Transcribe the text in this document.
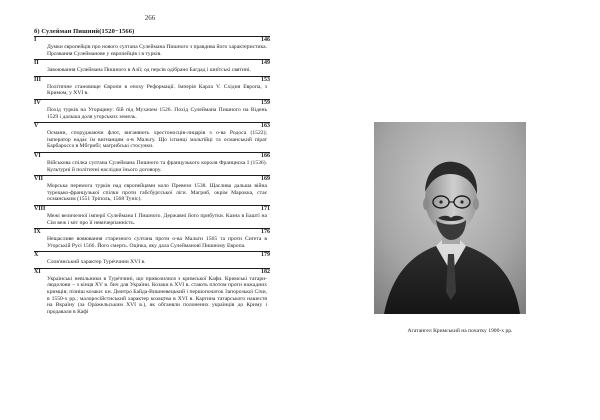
266
б) Сулейман Пишний(1520−1566)
I	146
Думки європейців про нового султана Сулеймана Пишного з правдива його характеристика. Прозвання Сулейманове у європейців і в турків.
II	149
Завоювання Сулеймана Пишного в Азії; од персів одібрано Багдад і шиїтські святині.
III	153
Політичне становище Європи в епоху Реформації. Імперія Карла V. Східня Европа, з Кримом, у XVI в.
IV	159
Похід турків на Угорщину: бій під Мухачем 1526. Похід Сулеймана Пишного на Відень 1529 і дальша доля угорських земель.
V	163
Османи, споруджаючи флот, виганяють хрестоносців-лицарів з о-ва Родоса (1522); імператор нада́є їм вигнанцям о-в Мальту. Що іспанці мальтійці та османський пірат Барбаросса в Мбгрибі; магрибські стосунки.
VI	166
Військова спілка султана Сулеймана Пишного та французького короля Франциска I (1536). Культурні й політичні наслідки їнього договору.
VII	169
Морська перемога турків над європейцями коло Превези 1538. Щаслива дальша війна турецько-французької спілки проти габсбургської ліги. Магриб, окрім Марокка, стає османським (1551 Тріполь, 1568 Туніс).
VIII	171
Межі величезної імперії Сулеймана I Пишного. Державні його прибутки. Казна в Баштї на Сім веж і міт про її невичерпанність.
IX	176
Нещасливе вовювання старезного султана проти о-ва Мальти 1565 та проти Сигета в Угорській Русі 1566. Його смерть. Оцінка, яку дала Сулеймановї Пишному Европа.
X	179
Слов'янський характер Турéччини XVI в.
XI	182
Українські невільники в Турéччині, що привозилися з кримської Кафи. Кримські татари-людолови − з кінця XV в. бич для України. Козаки в XVI в. стають плотом проти нажадних кримців; пізніш козаки: кн. Дмитро Байда-Вишневецький і першопочаток Запорозької Січи, в 1550-х рр.; малоросійстиський характер козацтва в XVI в. Картина татарського нашестя на Вкраїну (за Орáжельським XVI в.), як обганяли полонених українців до Криму і продавали в Кафі
Агатангел Кримський на початку 1900-х рр.
